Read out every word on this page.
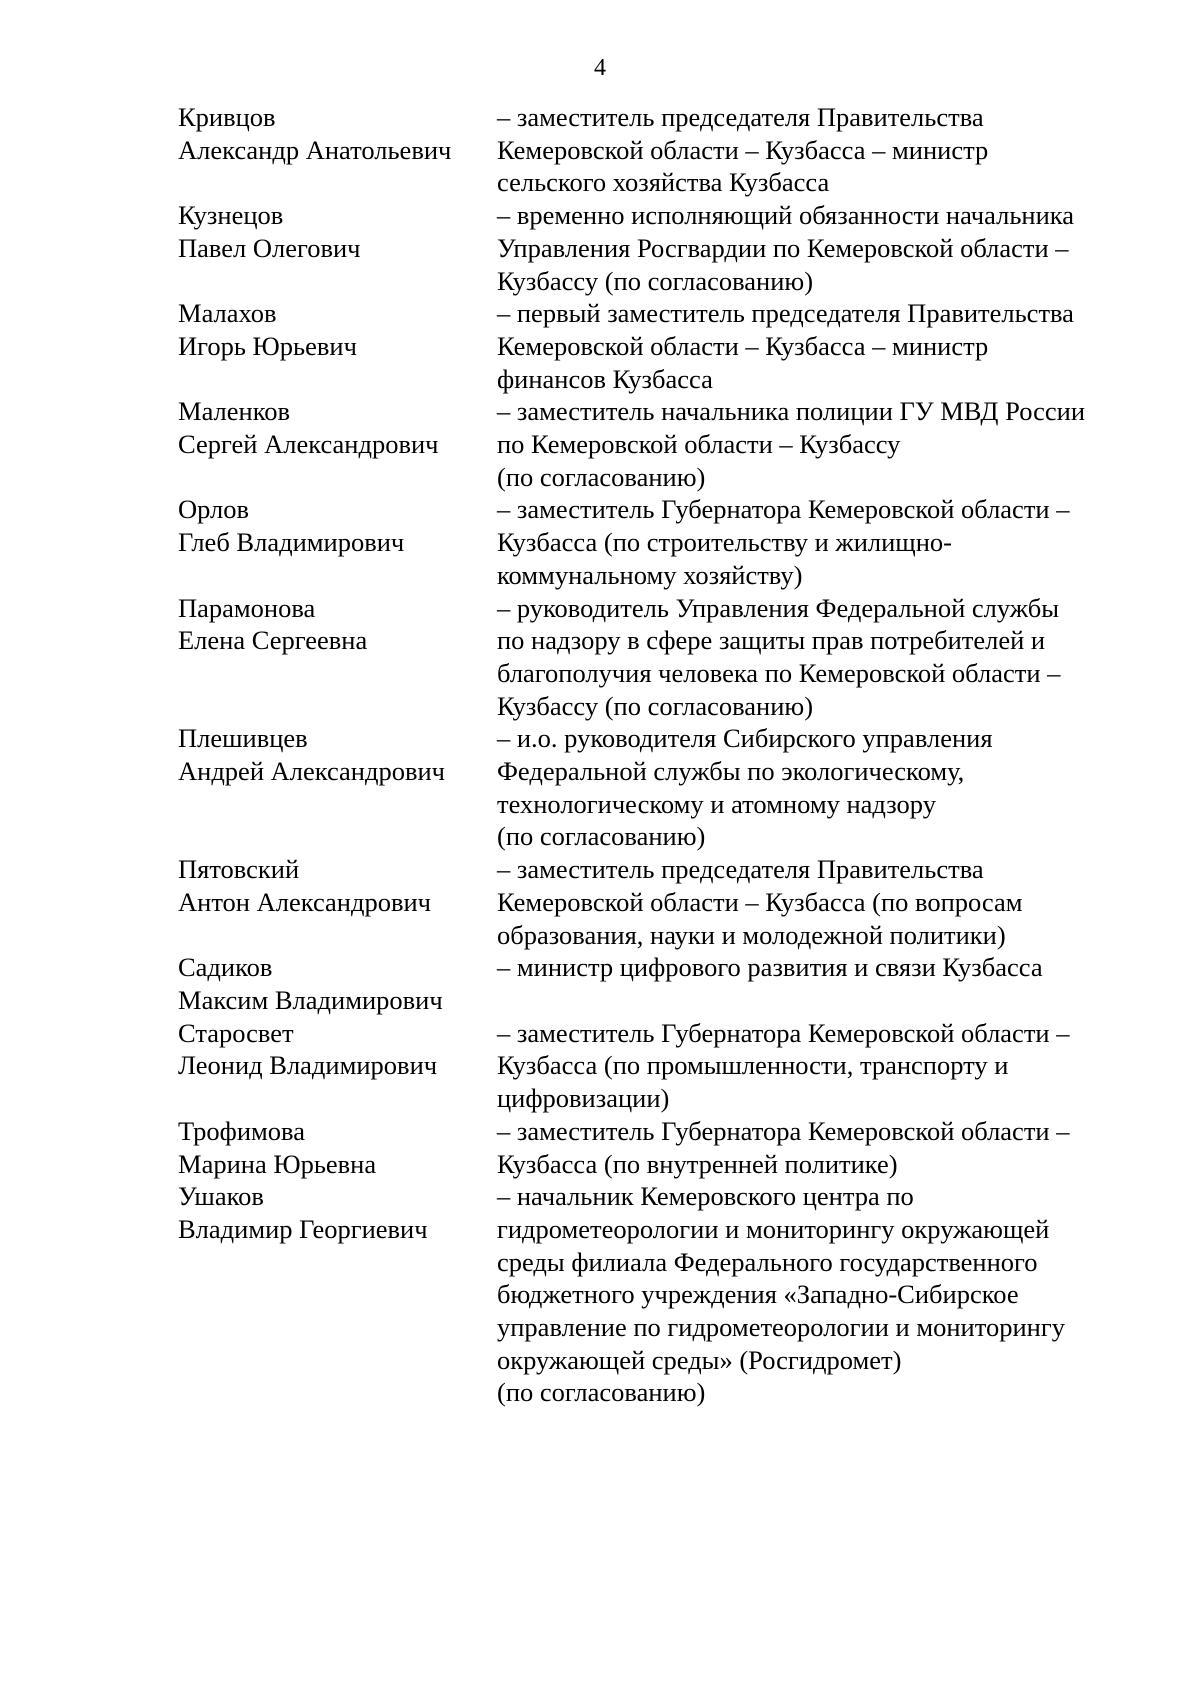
4
Кривцов
Александр Анатольевич
– заместитель председателя Правительства
Кемеровской области – Кузбасса – министр
сельского хозяйства Кузбасса
Кузнецов
Павел Олегович
– временно исполняющий обязанности начальника
Управления Росгвардии по Кемеровской области –
Кузбассу (по согласованию)
Малахов
Игорь Юрьевич
– первый заместитель председателя Правительства
Кемеровской области – Кузбасса – министр
финансов Кузбасса
Маленков
Сергей Александрович
– заместитель начальника полиции ГУ МВД России
по Кемеровской области – Кузбассу
(по согласованию)
Орлов
Глеб Владимирович
– заместитель Губернатора Кемеровской области –
Кузбасса (по строительству и жилищно-
коммунальному хозяйству)
Парамонова
Елена Сергеевна
– руководитель Управления Федеральной службы
по надзору в сфере защиты прав потребителей и
благополучия человека по Кемеровской области –
Кузбассу (по согласованию)
Плешивцев
Андрей Александрович
– и.о. руководителя Сибирского управления
Федеральной службы по экологическому,
технологическому и атомному надзору
(по согласованию)
Пятовский
Антон Александрович
– заместитель председателя Правительства
Кемеровской области – Кузбасса (по вопросам
образования, науки и молодежной политики)
Садиков
Максим Владимирович
– министр цифрового развития и связи Кузбасса
Старосвет
Леонид Владимирович
– заместитель Губернатора Кемеровской области –
Кузбасса (по промышленности, транспорту и
цифровизации)
Трофимова
Марина Юрьевна
– заместитель Губернатора Кемеровской области –
Кузбасса (по внутренней политике)
Ушаков
Владимир Георгиевич
– начальник Кемеровского центра по
гидрометеорологии и мониторингу окружающей
среды филиала Федерального государственного
бюджетного учреждения «Западно-Сибирское
управление по гидрометеорологии и мониторингу
окружающей среды» (Росгидромет)
(по согласованию)
